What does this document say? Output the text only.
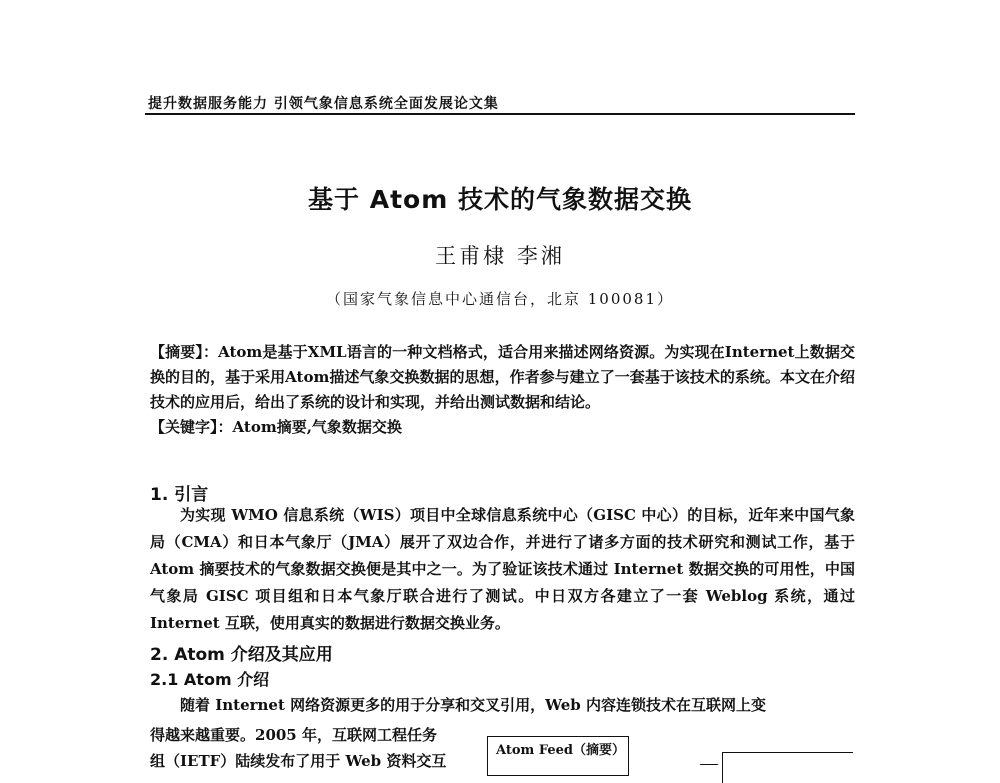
提升数据服务能力 引领气象信息系统全面发展论文集
基于 Atom 技术的气象数据交换
王甫棣 李湘
（国家气象信息中心通信台，北京 100081）
【摘要】：Atom是基于XML语言的一种文档格式，适合用来描述网络资源。为实现在Internet上数据交换的目的，基于采用Atom描述气象交换数据的思想，作者参与建立了一套基于该技术的系统。本文在介绍技术的应用后，给出了系统的设计和实现，并给出测试数据和结论。
【关键字】：Atom摘要,气象数据交换
1. 引言
为实现 WMO 信息系统（WIS）项目中全球信息系统中心（GISC 中心）的目标，近年来中国气象局（CMA）和日本气象厅（JMA）展开了双边合作，并进行了诸多方面的技术研究和测试工作，基于 Atom 摘要技术的气象数据交换便是其中之一。为了验证该技术通过 Internet 数据交换的可用性，中国气象局 GISC 项目组和日本气象厅联合进行了测试。中日双方各建立了一套 Weblog 系统，通过 Internet 互联，使用真实的数据进行数据交换业务。
2. Atom 介绍及其应用
2.1 Atom 介绍
随着 Internet 网络资源更多的用于分享和交叉引用，Web 内容连锁技术在互联网上变
得越来越重要。2005 年，互联网工程任务
组（IETF）陆续发布了用于 Web 资料交互
Atom Feed（摘要）
